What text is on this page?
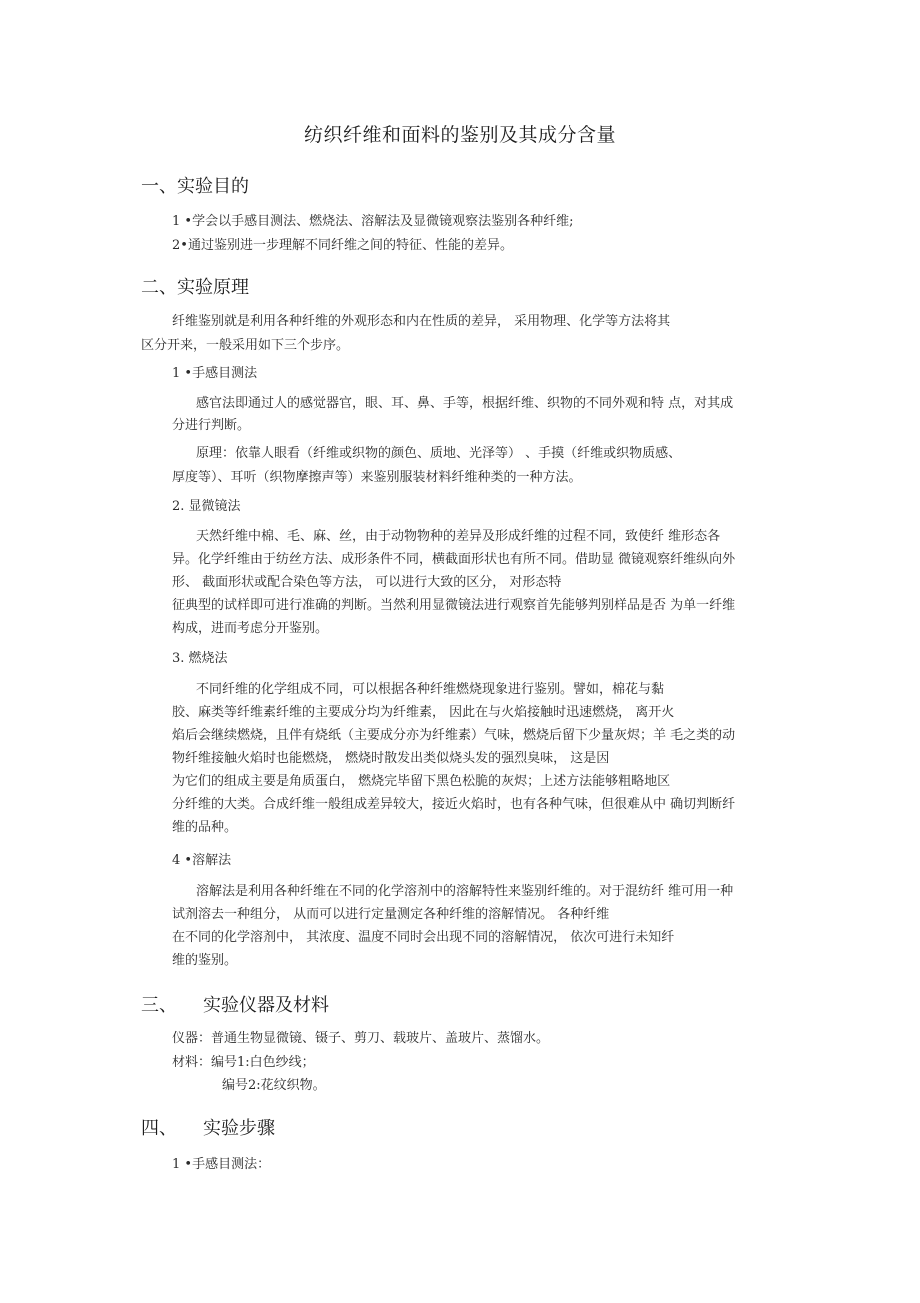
纺织纤维和面料的鉴别及其成分含量
一、实验目的
1 •学会以手感目测法、燃烧法、溶解法及显微镜观察法鉴别各种纤维;
2•通过鉴别进一步理解不同纤维之间的特征、性能的差异。
二、实验原理
纤维鉴别就是利用各种纤维的外观形态和内在性质的差异， 采用物理、化学等方法将其
区分开来，一般采用如下三个步序。
1 •手感目测法
感官法即通过人的感觉器官，眼、耳、鼻、手等，根据纤维、织物的不同外观和特 点，对其成
分进行判断。
原理：依靠人眼看（纤维或织物的颜色、质地、光泽等） 、手摸（纤维或织物质感、
厚度等）、耳听（织物摩擦声等）来鉴别服装材料纤维种类的一种方法。
2. 显微镜法
天然纤维中棉、毛、麻、丝，由于动物物种的差异及形成纤维的过程不同，致使纤 维形态各
异。化学纤维由于纺丝方法、成形条件不同，横截面形状也有所不同。借助显 微镜观察纤维纵向外
形、 截面形状或配合染色等方法， 可以进行大致的区分， 对形态特
征典型的试样即可进行准确的判断。当然利用显微镜法进行观察首先能够判别样品是否 为单一纤维
构成，进而考虑分开鉴别。
3. 燃烧法
不同纤维的化学组成不同，可以根据各种纤维燃烧现象进行鉴别。譬如，棉花与黏
胶、麻类等纤维素纤维的主要成分均为纤维素， 因此在与火焰接触时迅速燃烧， 离开火
焰后会继续燃烧，且伴有烧纸（主要成分亦为纤维素）气味，燃烧后留下少量灰烬；羊 毛之类的动
物纤维接触火焰时也能燃烧， 燃烧时散发出类似烧头发的强烈臭味， 这是因
为它们的组成主要是角质蛋白， 燃烧完毕留下黑色松脆的灰烬；上述方法能够粗略地区
分纤维的大类。合成纤维一般组成差异较大，接近火焰时，也有各种气味，但很难从中 确切判断纤
维的品种。
4 •溶解法
溶解法是利用各种纤维在不同的化学溶剂中的溶解特性来鉴别纤维的。对于混纺纤 维可用一种
试剂溶去一种组分， 从而可以进行定量测定各种纤维的溶解情况。 各种纤维
在不同的化学溶剂中， 其浓度、温度不同时会出现不同的溶解情况， 依次可进行未知纤
维的鉴别。
三、 实验仪器及材料
仪器：普通生物显微镜、镊子、剪刀、载玻片、盖玻片、蒸馏水。
材料：编号1:白色纱线；
编号2:花纹织物。
四、 实验步骤
1 •手感目测法：
